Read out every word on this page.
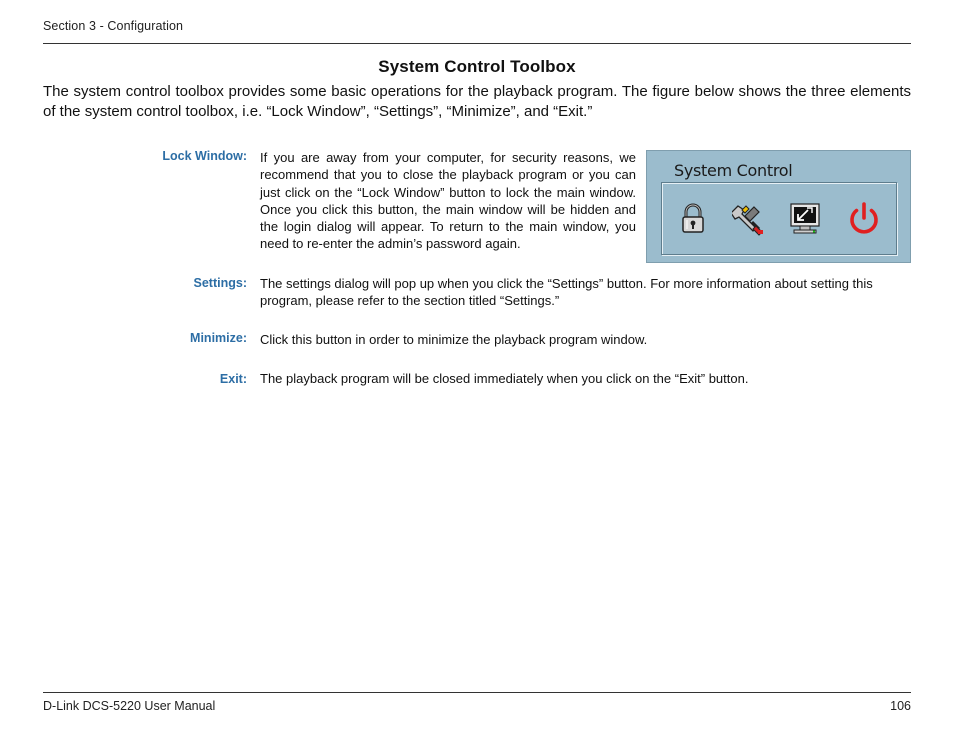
Section 3 - Configuration
System Control Toolbox
The system control toolbox provides some basic operations for the playback program. The figure below shows the three elements of the system control toolbox, i.e. “Lock Window”, “Settings”, “Minimize”, and “Exit.”
Lock Window: If you are away from your computer, for security reasons, we recommend that you to close the playback program or you can just click on the “Lock Window” button to lock the main window. Once you click this button, the main window will be hidden and the login dialog will appear. To return to the main window, you need to re-enter the admin’s password again.
System Control
Settings: The settings dialog will pop up when you click the “Settings” button. For more information about setting this program, please refer to the section titled “Settings.”
Minimize: Click this button in order to minimize the playback program window.
Exit: The playback program will be closed immediately when you click on the “Exit” button.
D-Link DCS-5220 User Manual	106
